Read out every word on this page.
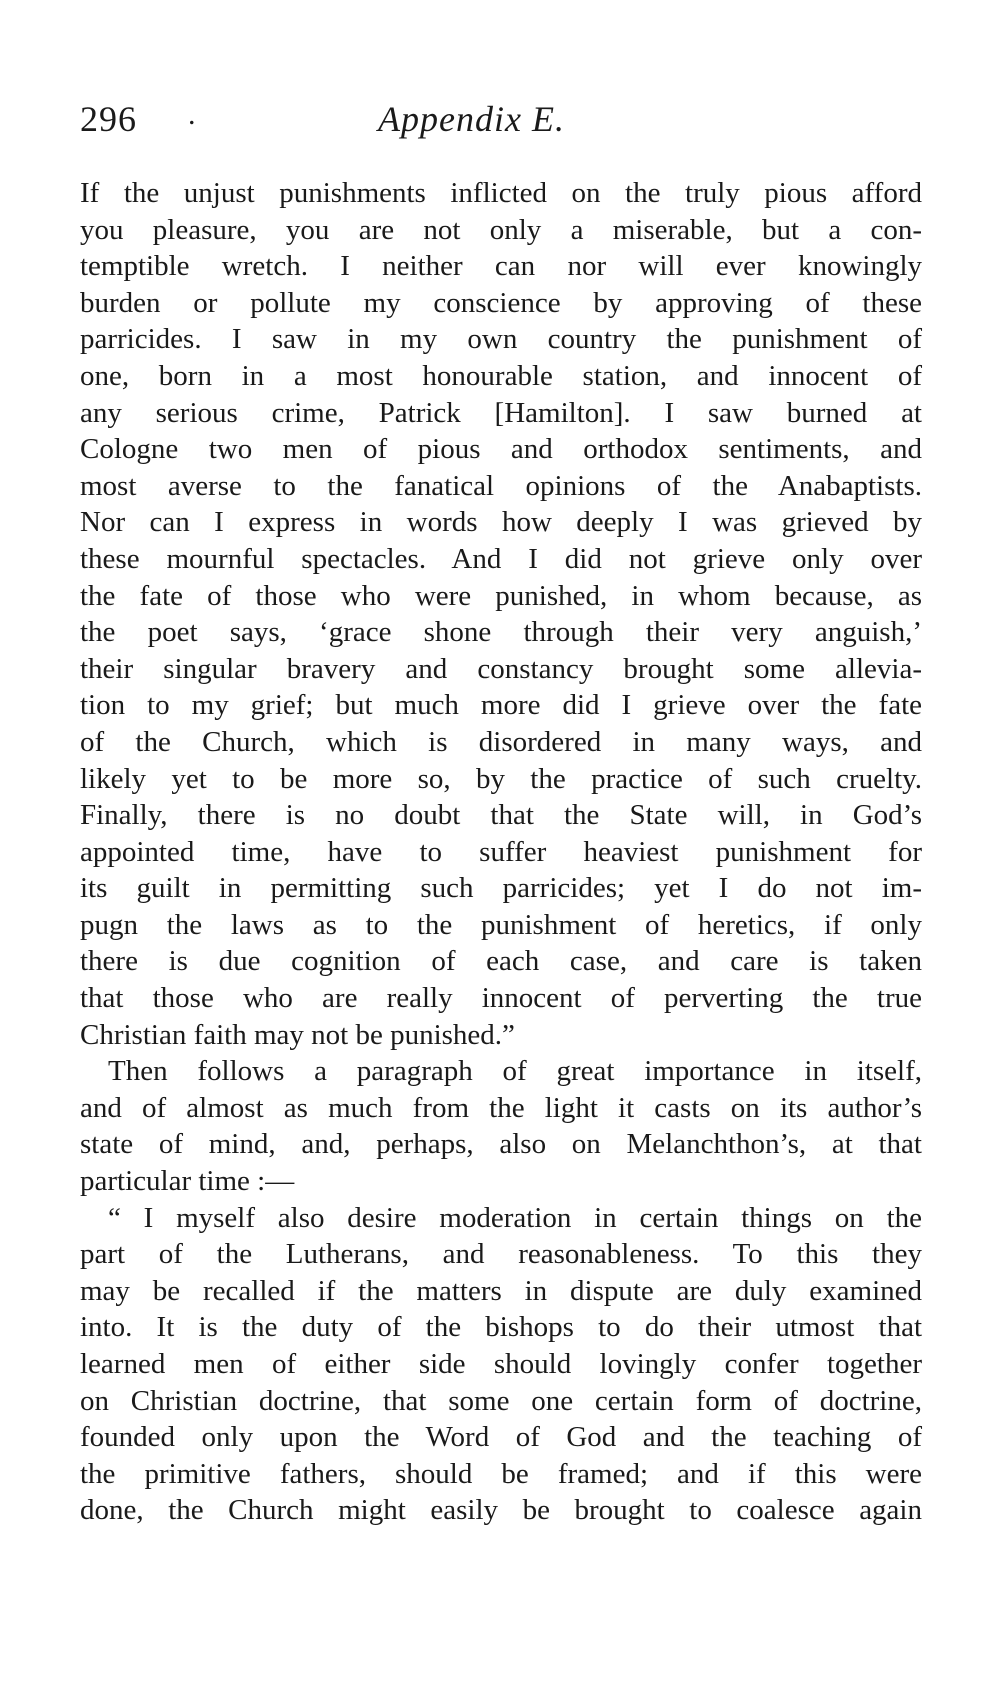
296 .	Appendix E.
If the unjust punishments inflicted on the truly pious afford
you pleasure, you are not only a miserable, but a con-
temptible wretch. I neither can nor will ever knowingly
burden or pollute my conscience by approving of these
parricides. I saw in my own country the punishment of
one, born in a most honourable station, and innocent of
any serious crime, Patrick [Hamilton]. I saw burned at
Cologne two men of pious and orthodox sentiments, and
most averse to the fanatical opinions of the Anabaptists.
Nor can I express in words how deeply I was grieved by
these mournful spectacles. And I did not grieve only over
the fate of those who were punished, in whom because, as
the poet says, ‘grace shone through their very anguish,’
their singular bravery and constancy brought some allevia-
tion to my grief; but much more did I grieve over the fate
of the Church, which is disordered in many ways, and
likely yet to be more so, by the practice of such cruelty.
Finally, there is no doubt that the State will, in God’s
appointed time, have to suffer heaviest punishment for
its guilt in permitting such parricides; yet I do not im-
pugn the laws as to the punishment of heretics, if only
there is due cognition of each case, and care is taken
that those who are really innocent of perverting the true
Christian faith may not be punished.”
Then follows a paragraph of great importance in itself,
and of almost as much from the light it casts on its author’s
state of mind, and, perhaps, also on Melanchthon’s, at that
particular time :—
“ I myself also desire moderation in certain things on the
part of the Lutherans, and reasonableness. To this they
may be recalled if the matters in dispute are duly examined
into. It is the duty of the bishops to do their utmost that
learned men of either side should lovingly confer together
on Christian doctrine, that some one certain form of doctrine,
founded only upon the Word of God and the teaching of
the primitive fathers, should be framed; and if this were
done, the Church might easily be brought to coalesce again
